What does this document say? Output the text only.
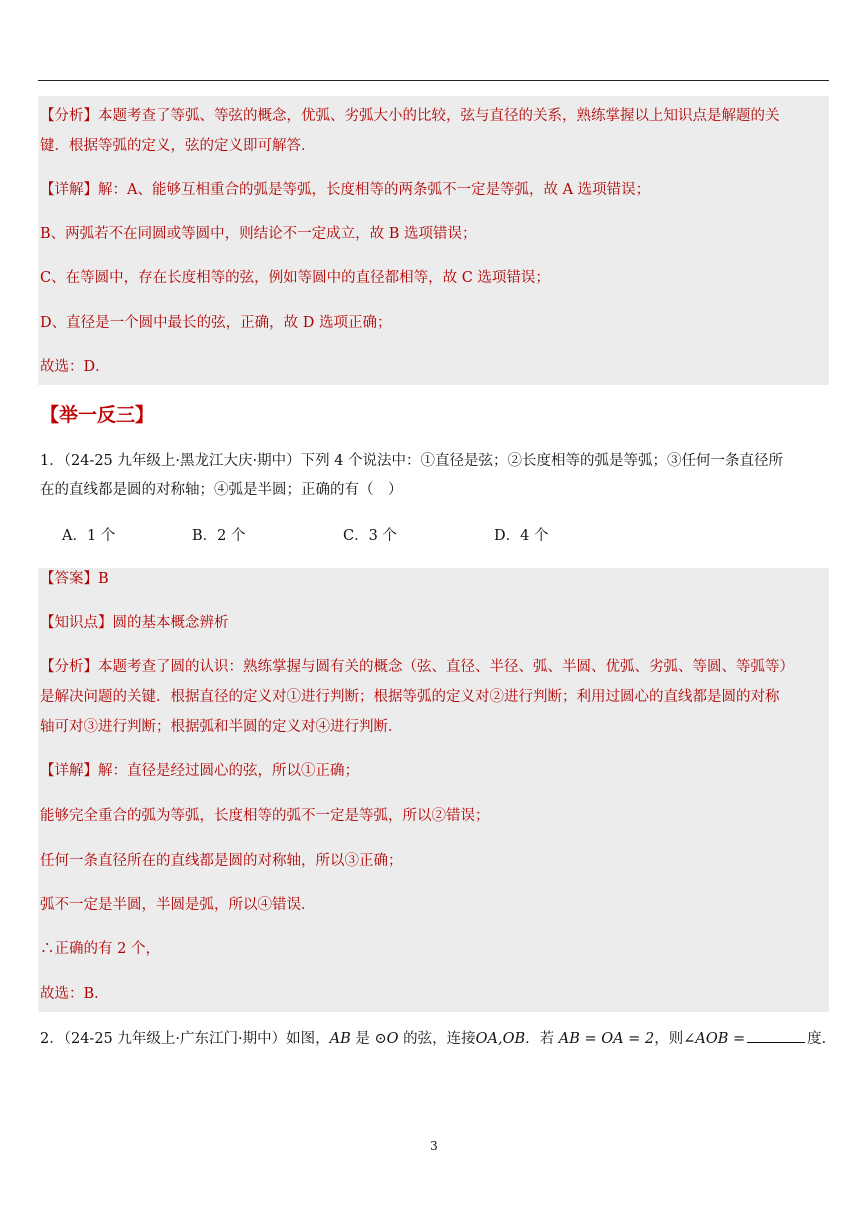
【分析】本题考查了等弧、等弦的概念，优弧、劣弧大小的比较，弦与直径的关系，熟练掌握以上知识点是解题的关
键．根据等弧的定义，弦的定义即可解答．
【详解】解：A、能够互相重合的弧是等弧，长度相等的两条弧不一定是等弧，故 A 选项错误；
B、两弧若不在同圆或等圆中，则结论不一定成立，故 B 选项错误；
C、在等圆中，存在长度相等的弦，例如等圆中的直径都相等，故 C 选项错误；
D、直径是一个圆中最长的弦，正确，故 D 选项正确；
故选：D．
【举一反三】
1．（24-25 九年级上·黑龙江大庆·期中）下列 4 个说法中：①直径是弦；②长度相等的弧是等弧；③任何一条直径所
在的直线都是圆的对称轴；④弧是半圆；正确的有（　）
A．1 个	B．2 个	C．3 个	D．4 个
【答案】B
【知识点】圆的基本概念辨析
【分析】本题考查了圆的认识：熟练掌握与圆有关的概念（弦、直径、半径、弧、半圆、优弧、劣弧、等圆、等弧等）
是解决问题的关键．根据直径的定义对①进行判断；根据等弧的定义对②进行判断；利用过圆心的直线都是圆的对称
轴可对③进行判断；根据弧和半圆的定义对④进行判断．
【详解】解：直径是经过圆心的弦，所以①正确；
能够完全重合的弧为等弧，长度相等的弧不一定是等弧，所以②错误；
任何一条直径所在的直线都是圆的对称轴，所以③正确；
弧不一定是半圆，半圆是弧，所以④错误．
∴正确的有 2 个，
故选：B．
2．（24-25 九年级上·广东江门·期中）如图，AB 是 ⊙O 的弦，连接OA,OB．若 AB = OA = 2，则∠AOB =	度．
3
